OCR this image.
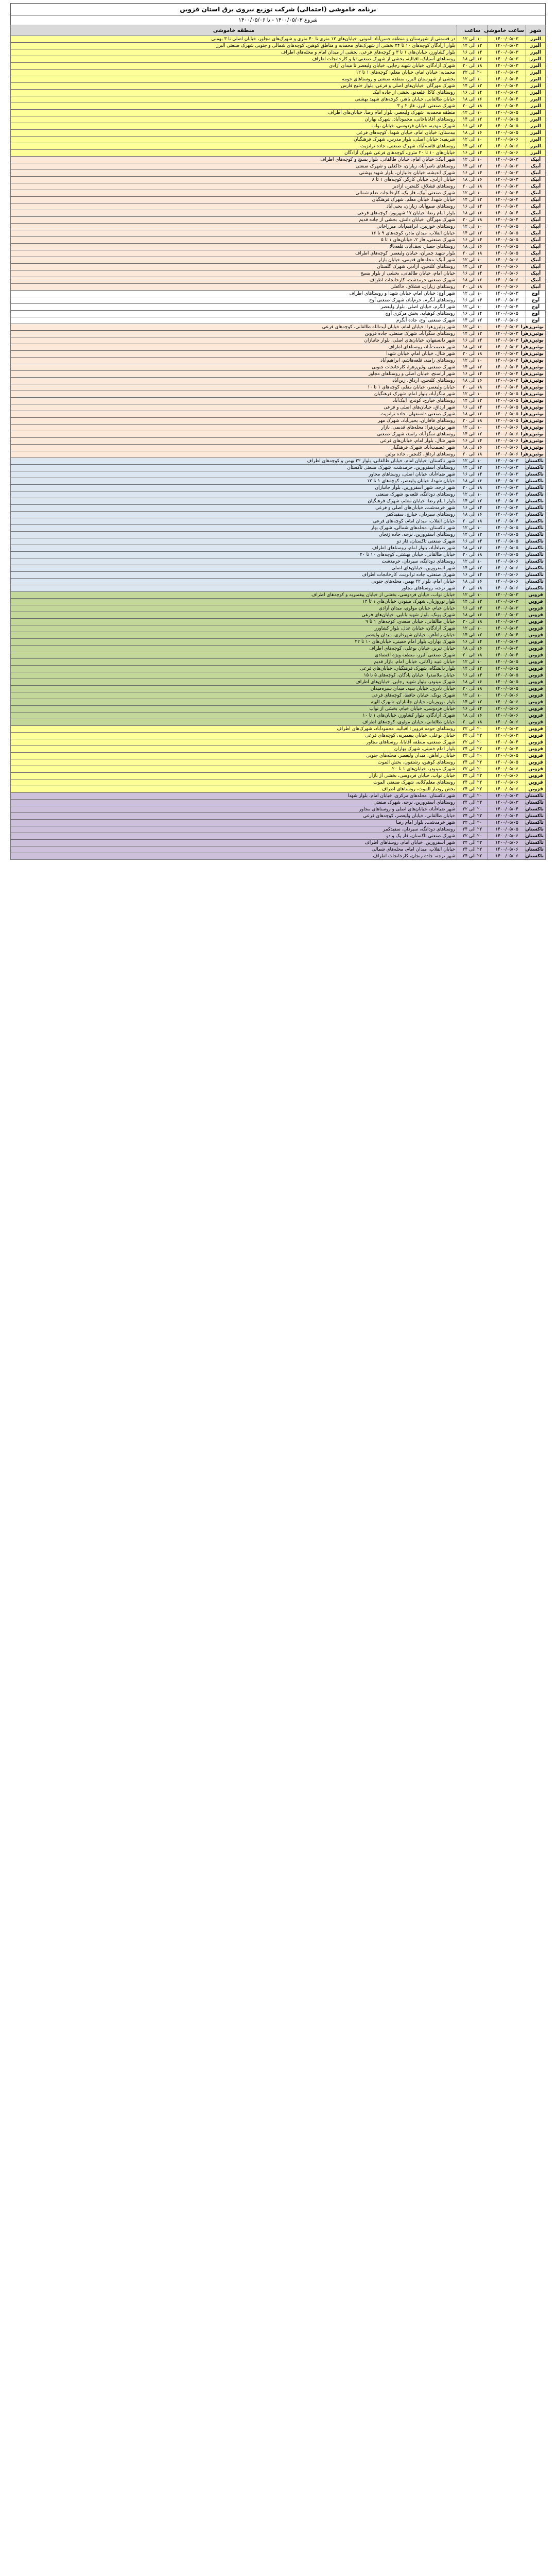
برنامه خاموشی (احتمالی) شرکت توزیع نیروی برق استان قزوین
شروع ۱۴۰۰/۰۵/۰۳ - تا ۱۴۰۰/۰۵/۰۶
شهر	ساعت خاموشی	ساعت	منطقه خاموشی
البرز	۱۴۰۰/۰۵/۰۳	۱۰ الی ۱۲	در قسمتی از شهرستان و منطقه حسن‌آباد الموتی، خیابان‌های ۱۲ متری تا ۴۰ متری و شهرک‌های مجاور، خیابان اصلی تا ۳ بهمنی
البرز	۱۴۰۰/۰۵/۰۳	۱۲ الی ۱۴	بلوار آزادگان کوچه‌های ۱۰ تا ۳۴ بخشی از شهرک‌های محمدیه و مناطق کوهین، کوچه‌های شمالی و جنوبی شهرک صنعتی البرز
البرز	۱۴۰۰/۰۵/۰۳	۱۴ الی ۱۶	بلوار کشاورز، خیابان‌های ۱ تا ۳ و کوچه‌های فرعی، بخشی از میدان امام و محله‌های اطراف
البرز	۱۴۰۰/۰۵/۰۳	۱۶ الی ۱۸	روستاهای آسیابک، اقبالیه، بخشی از شهرک صنعتی لیا و کارخانجات اطراف
البرز	۱۴۰۰/۰۵/۰۳	۱۸ الی ۲۰	شهرک آزادگان، خیابان شهید رجایی، خیابان ولیعصر تا میدان آزادی
البرز	۱۴۰۰/۰۵/۰۳	۲۰ الی ۲۲	محمدیه: خیابان امام، خیابان معلم، کوچه‌های ۱ تا ۱۲
البرز	۱۴۰۰/۰۵/۰۴	۱۰ الی ۱۲	بخشی از شهرستان البرز، منطقه صنعتی و روستاهای حومه
البرز	۱۴۰۰/۰۵/۰۴	۱۲ الی ۱۴	شهرک مهرگان، خیابان‌های اصلی و فرعی، بلوار خلیج فارس
البرز	۱۴۰۰/۰۵/۰۴	۱۴ الی ۱۶	روستاهای کاکا، قلعه‌نو، بخشی از جاده آبیک
البرز	۱۴۰۰/۰۵/۰۴	۱۶ الی ۱۸	خیابان طالقانی، خیابان باهنر، کوچه‌های شهید بهشتی
البرز	۱۴۰۰/۰۵/۰۴	۱۸ الی ۲۰	شهرک صنعتی البرز، فاز ۲ و ۳
البرز	۱۴۰۰/۰۵/۰۵	۱۰ الی ۱۲	منطقه محمدیه: شهرک ولیعصر، بلوار امام رضا، خیابان‌های اطراف
البرز	۱۴۰۰/۰۵/۰۵	۱۲ الی ۱۴	روستاهای آقاباباخانی، محمودآباد، شهرک بهاران
البرز	۱۴۰۰/۰۵/۰۵	۱۴ الی ۱۶	شهرک مهدیه، خیابان فردوسی، خیابان نواب
البرز	۱۴۰۰/۰۵/۰۵	۱۶ الی ۱۸	بیدستان: خیابان امام، خیابان شهدا، کوچه‌های فرعی
البرز	۱۴۰۰/۰۵/۰۶	۱۰ الی ۱۲	شریفیه: خیابان اصلی، بلوار مدرس، شهرک فرهنگیان
البرز	۱۴۰۰/۰۵/۰۶	۱۲ الی ۱۴	روستاهای قاسم‌آباد، شهرک صنعتی، جاده ترانزیت
البرز	۱۴۰۰/۰۵/۰۶	۱۴ الی ۱۶	خیابان‌های ۱۰ تا ۲۰ متری، کوچه‌های فرعی شهرک آزادگان
آبیک	۱۴۰۰/۰۵/۰۳	۱۰ الی ۱۲	شهر آبیک: خیابان امام، خیابان طالقانی، بلوار بسیج و کوچه‌های اطراف
آبیک	۱۴۰۰/۰۵/۰۳	۱۲ الی ۱۴	روستاهای ناصرآباد، زیاران، خاکعلی و شهرک صنعتی
آبیک	۱۴۰۰/۰۵/۰۳	۱۴ الی ۱۶	شهرک اندیشه، خیابان جانبازان، بلوار شهید بهشتی
آبیک	۱۴۰۰/۰۵/۰۳	۱۶ الی ۱۸	خیابان آزادی، خیابان کارگر، کوچه‌های ۱ تا ۸
آبیک	۱۴۰۰/۰۵/۰۳	۱۸ الی ۲۰	روستاهای قشلاق، کلنجین، آزادبر
آبیک	۱۴۰۰/۰۵/۰۴	۱۰ الی ۱۲	شهرک صنعتی آبیک، فاز یک، کارخانجات ضلع شمالی
آبیک	۱۴۰۰/۰۵/۰۴	۱۲ الی ۱۴	خیابان شهدا، خیابان معلم، شهرک فرهنگیان
آبیک	۱۴۰۰/۰۵/۰۴	۱۴ الی ۱۶	روستاهای صمغ‌آباد، زیاران، یحیی‌آباد
آبیک	۱۴۰۰/۰۵/۰۴	۱۶ الی ۱۸	بلوار امام رضا، خیابان ۱۷ شهریور، کوچه‌های فرعی
آبیک	۱۴۰۰/۰۵/۰۴	۱۸ الی ۲۰	شهرک مهرگان، خیابان دانش، بخشی از جاده قدیم
آبیک	۱۴۰۰/۰۵/۰۵	۱۰ الی ۱۲	روستاهای خوزنین، ابراهیم‌آباد، میرزاخانی
آبیک	۱۴۰۰/۰۵/۰۵	۱۲ الی ۱۴	خیابان انقلاب، میدان مادر، کوچه‌های ۹ تا ۱۶
آبیک	۱۴۰۰/۰۵/۰۵	۱۴ الی ۱۶	شهرک صنعتی، فاز ۲، خیابان‌های ۱ تا ۵
آبیک	۱۴۰۰/۰۵/۰۵	۱۶ الی ۱۸	روستاهای حصار، نجف‌آباد، قلعه‌بالا
آبیک	۱۴۰۰/۰۵/۰۵	۱۸ الی ۲۰	بلوار شهید چمران، خیابان ولیعصر، کوچه‌های اطراف
آبیک	۱۴۰۰/۰۵/۰۶	۱۰ الی ۱۲	شهر آبیک: محله‌های قدیمی، خیابان بازار
آبیک	۱۴۰۰/۰۵/۰۶	۱۲ الی ۱۴	روستاهای کلنجین، آزادبر، شهرک گلستان
آبیک	۱۴۰۰/۰۵/۰۶	۱۴ الی ۱۶	خیابان امام، خیابان طالقانی، بخشی از بلوار بسیج
آبیک	۱۴۰۰/۰۵/۰۶	۱۶ الی ۱۸	شهرک صنعتی خرمدشت، کارخانجات اطراف
آبیک	۱۴۰۰/۰۵/۰۶	۱۸ الی ۲۰	روستاهای زیاران، قشلاق، خاکعلی
آوج	۱۴۰۰/۰۵/۰۳	۱۰ الی ۱۲	شهر آوج: خیابان امام، خیابان شهدا و روستاهای اطراف
آوج	۱۴۰۰/۰۵/۰۳	۱۴ الی ۱۶	روستاهای آبگرم، خرم‌آباد، شهرک صنعتی آوج
آوج	۱۴۰۰/۰۵/۰۴	۱۰ الی ۱۲	شهر آبگرم، خیابان اصلی، بلوار ولیعصر
آوج	۱۴۰۰/۰۵/۰۵	۱۴ الی ۱۶	روستاهای کوهپایه، بخش مرکزی آوج
آوج	۱۴۰۰/۰۵/۰۶	۱۲ الی ۱۴	شهرک صنعتی آوج، جاده آبگرم
بوئین‌زهرا	۱۴۰۰/۰۵/۰۳	۱۰ الی ۱۲	شهر بوئین‌زهرا: خیابان امام، خیابان آیت‌الله طالقانی، کوچه‌های فرعی
بوئین‌زهرا	۱۴۰۰/۰۵/۰۳	۱۲ الی ۱۴	روستاهای سگزآباد، شهرک صنعتی، جاده قزوین
بوئین‌زهرا	۱۴۰۰/۰۵/۰۳	۱۴ الی ۱۶	شهر دانسفهان، خیابان‌های اصلی، بلوار جانبازان
بوئین‌زهرا	۱۴۰۰/۰۵/۰۳	۱۶ الی ۱۸	شهر عصمت‌آباد، روستاهای اطراف
بوئین‌زهرا	۱۴۰۰/۰۵/۰۳	۱۸ الی ۲۰	شهر شال، خیابان امام، خیابان شهدا
بوئین‌زهرا	۱۴۰۰/۰۵/۰۴	۱۰ الی ۱۲	روستاهای رامند، قلعه‌هاشم، ابراهیم‌آباد
بوئین‌زهرا	۱۴۰۰/۰۵/۰۴	۱۲ الی ۱۴	شهرک صنعتی بوئین‌زهرا، کارخانجات جنوبی
بوئین‌زهرا	۱۴۰۰/۰۵/۰۴	۱۴ الی ۱۶	شهر آراسنج، خیابان اصلی و روستاهای مجاور
بوئین‌زهرا	۱۴۰۰/۰۵/۰۴	۱۶ الی ۱۸	روستاهای کلنجین، ارداق، زین‌آباد
بوئین‌زهرا	۱۴۰۰/۰۵/۰۴	۱۸ الی ۲۰	خیابان ولیعصر، خیابان معلم، کوچه‌های ۱ تا ۱۰
بوئین‌زهرا	۱۴۰۰/۰۵/۰۵	۱۰ الی ۱۲	شهر سگزآباد، بلوار امام، شهرک فرهنگیان
بوئین‌زهرا	۱۴۰۰/۰۵/۰۵	۱۲ الی ۱۴	روستاهای خیارج، کوندج، ایبک‌آباد
بوئین‌زهرا	۱۴۰۰/۰۵/۰۵	۱۴ الی ۱۶	شهر ارداق، خیابان‌های اصلی و فرعی
بوئین‌زهرا	۱۴۰۰/۰۵/۰۵	۱۶ الی ۱۸	شهرک صنعتی دانسفهان، جاده ترانزیت
بوئین‌زهرا	۱۴۰۰/۰۵/۰۵	۱۸ الی ۲۰	روستاهای قاقازان، یحیی‌آباد، شهرک مهر
بوئین‌زهرا	۱۴۰۰/۰۵/۰۶	۱۰ الی ۱۲	شهر بوئین‌زهرا: محله‌های قدیمی، بازار
بوئین‌زهرا	۱۴۰۰/۰۵/۰۶	۱۲ الی ۱۴	روستاهای سگزآباد، رامند، شهرک صنعتی
بوئین‌زهرا	۱۴۰۰/۰۵/۰۶	۱۴ الی ۱۶	شهر شال، بلوار امام، خیابان‌های فرعی
بوئین‌زهرا	۱۴۰۰/۰۵/۰۶	۱۶ الی ۱۸	شهر عصمت‌آباد، شهرک فرهنگیان
بوئین‌زهرا	۱۴۰۰/۰۵/۰۶	۱۸ الی ۲۰	روستاهای ارداق، کلنجین، جاده بوئین
تاکستان	۱۴۰۰/۰۵/۰۳	۱۰ الی ۱۲	شهر تاکستان: خیابان امام، خیابان طالقانی، بلوار ۲۲ بهمن و کوچه‌های اطراف
تاکستان	۱۴۰۰/۰۵/۰۳	۱۲ الی ۱۴	روستاهای اسفرورین، خرمدشت، شهرک صنعتی تاکستان
تاکستان	۱۴۰۰/۰۵/۰۳	۱۴ الی ۱۶	شهر ضیاءآباد، خیابان اصلی، روستاهای مجاور
تاکستان	۱۴۰۰/۰۵/۰۳	۱۶ الی ۱۸	خیابان شهدا، خیابان ولیعصر، کوچه‌های ۱ تا ۱۲
تاکستان	۱۴۰۰/۰۵/۰۳	۱۸ الی ۲۰	شهر نرجه، شهر اسفرورین، بلوار جانبازان
تاکستان	۱۴۰۰/۰۵/۰۴	۱۰ الی ۱۲	روستاهای دودانگه، قلعه‌نو، شهرک صنعتی
تاکستان	۱۴۰۰/۰۵/۰۴	۱۲ الی ۱۴	بلوار امام رضا، خیابان معلم، شهرک فرهنگیان
تاکستان	۱۴۰۰/۰۵/۰۴	۱۴ الی ۱۶	شهر خرمدشت، خیابان‌های اصلی و فرعی
تاکستان	۱۴۰۰/۰۵/۰۴	۱۶ الی ۱۸	روستاهای سیردان، خیارج، سفیدکمر
تاکستان	۱۴۰۰/۰۵/۰۴	۱۸ الی ۲۰	خیابان انقلاب، میدان امام، کوچه‌های فرعی
تاکستان	۱۴۰۰/۰۵/۰۵	۱۰ الی ۱۲	شهر تاکستان: محله‌های شمالی، شهرک بهار
تاکستان	۱۴۰۰/۰۵/۰۵	۱۲ الی ۱۴	روستاهای اسفرورین، نرجه، جاده زنجان
تاکستان	۱۴۰۰/۰۵/۰۵	۱۴ الی ۱۶	شهرک صنعتی تاکستان، فاز دو
تاکستان	۱۴۰۰/۰۵/۰۵	۱۶ الی ۱۸	شهر ضیاءآباد، بلوار امام، روستاهای اطراف
تاکستان	۱۴۰۰/۰۵/۰۵	۱۸ الی ۲۰	خیابان طالقانی، خیابان بهشتی، کوچه‌های ۱۰ تا ۲۰
تاکستان	۱۴۰۰/۰۵/۰۶	۱۰ الی ۱۲	روستاهای دودانگه، سیردان، خرمدشت
تاکستان	۱۴۰۰/۰۵/۰۶	۱۲ الی ۱۴	شهر اسفرورین، خیابان‌های اصلی
تاکستان	۱۴۰۰/۰۵/۰۶	۱۴ الی ۱۶	شهرک صنعتی، جاده ترانزیت، کارخانجات اطراف
تاکستان	۱۴۰۰/۰۵/۰۶	۱۶ الی ۱۸	خیابان امام، بلوار ۲۲ بهمن، محله‌های جنوبی
تاکستان	۱۴۰۰/۰۵/۰۶	۱۸ الی ۲۰	شهر نرجه، روستاهای مجاور
قزوین	۱۴۰۰/۰۵/۰۳	۱۰ الی ۱۲	خیابان نواب، خیابان فردوسی، بخشی از خیابان پیغمبریه و کوچه‌های اطراف
قزوین	۱۴۰۰/۰۵/۰۳	۱۲ الی ۱۴	بلوار نوروزیان، شهرک مینودر، خیابان‌های ۱ تا ۱۴
قزوین	۱۴۰۰/۰۵/۰۳	۱۴ الی ۱۶	خیابان خیام، خیابان مولوی، میدان آزادی
قزوین	۱۴۰۰/۰۵/۰۳	۱۶ الی ۱۸	شهرک پونک، بلوار شهید بابایی، خیابان‌های فرعی
قزوین	۱۴۰۰/۰۵/۰۳	۱۸ الی ۲۰	خیابان طالقانی، خیابان سعدی، کوچه‌های ۱ تا ۹
قزوین	۱۴۰۰/۰۵/۰۴	۱۰ الی ۱۲	شهرک آزادگان، خیابان عدل، بلوار کشاورز
قزوین	۱۴۰۰/۰۵/۰۴	۱۲ الی ۱۴	خیابان راه‌آهن، خیابان شهرداری، میدان ولیعصر
قزوین	۱۴۰۰/۰۵/۰۴	۱۴ الی ۱۶	شهرک بهاران، بلوار امام خمینی، خیابان‌های ۱۰ تا ۲۲
قزوین	۱۴۰۰/۰۵/۰۴	۱۶ الی ۱۸	خیابان تبریز، خیابان بوعلی، کوچه‌های اطراف
قزوین	۱۴۰۰/۰۵/۰۴	۱۸ الی ۲۰	شهرک صنعتی البرز، منطقه ویژه اقتصادی
قزوین	۱۴۰۰/۰۵/۰۵	۱۰ الی ۱۲	خیابان عبید زاکانی، خیابان امام، بازار قدیم
قزوین	۱۴۰۰/۰۵/۰۵	۱۲ الی ۱۴	بلوار دانشگاه، شهرک فرهنگیان، خیابان‌های فرعی
قزوین	۱۴۰۰/۰۵/۰۵	۱۴ الی ۱۶	خیابان ملاصدرا، خیابان پادگان، کوچه‌های ۵ تا ۱۵
قزوین	۱۴۰۰/۰۵/۰۵	۱۶ الی ۱۸	شهرک مینودر، بلوار شهید رجایی، خیابان‌های اطراف
قزوین	۱۴۰۰/۰۵/۰۵	۱۸ الی ۲۰	خیابان نادری، خیابان سپه، میدان سبزه‌میدان
قزوین	۱۴۰۰/۰۵/۰۶	۱۰ الی ۱۲	شهرک پونک، خیابان حافظ، کوچه‌های فرعی
قزوین	۱۴۰۰/۰۵/۰۶	۱۲ الی ۱۴	بلوار نوروزیان، خیابان جانبازان، شهرک الهیه
قزوین	۱۴۰۰/۰۵/۰۶	۱۴ الی ۱۶	خیابان فردوسی، خیابان خیام، بخشی از نواب
قزوین	۱۴۰۰/۰۵/۰۶	۱۶ الی ۱۸	شهرک آزادگان، بلوار کشاورز، خیابان‌های ۱ تا ۱۰
قزوین	۱۴۰۰/۰۵/۰۶	۱۸ الی ۲۰	خیابان طالقانی، خیابان مولوی، کوچه‌های اطراف
قزوین	۱۴۰۰/۰۵/۰۳	۲۰ الی ۲۲	روستاهای حومه قزوین: اقبالیه، محمودآباد، شهرک‌های اطراف
قزوین	۱۴۰۰/۰۵/۰۳	۲۲ الی ۲۴	خیابان بوعلی، خیابان پیغمبریه، کوچه‌های فرعی
قزوین	۱۴۰۰/۰۵/۰۴	۲۰ الی ۲۲	شهرک صنعتی، منطقه آقابابا، روستاهای مجاور
قزوین	۱۴۰۰/۰۵/۰۴	۲۲ الی ۲۴	بلوار امام خمینی، شهرک بهاران
قزوین	۱۴۰۰/۰۵/۰۵	۲۰ الی ۲۲	خیابان راه‌آهن، میدان ولیعصر، محله‌های جنوبی
قزوین	۱۴۰۰/۰۵/۰۵	۲۲ الی ۲۴	روستاهای کوهین، رشتقون، بخش الموت
قزوین	۱۴۰۰/۰۵/۰۶	۲۰ الی ۲۲	شهرک مینودر، خیابان‌های ۱ تا ۲۰
قزوین	۱۴۰۰/۰۵/۰۶	۲۲ الی ۲۴	خیابان نواب، خیابان فردوسی، بخشی از بازار
قزوین	۱۴۰۰/۰۵/۰۶	۲۲ الی ۲۴	روستاهای معلم‌کلایه، شهرک صنعتی الموت
قزوین	۱۴۰۰/۰۵/۰۶	۲۲ الی ۲۴	بخش رودبار الموت، روستاهای اطراف
تاکستان	۱۴۰۰/۰۵/۰۳	۲۰ الی ۲۲	شهر تاکستان: محله‌های مرکزی، خیابان امام، بلوار شهدا
تاکستان	۱۴۰۰/۰۵/۰۳	۲۲ الی ۲۴	روستاهای اسفرورین، نرجه، شهرک صنعتی
تاکستان	۱۴۰۰/۰۵/۰۴	۲۰ الی ۲۲	شهر ضیاءآباد، خیابان‌های اصلی و روستاهای مجاور
تاکستان	۱۴۰۰/۰۵/۰۴	۲۲ الی ۲۴	خیابان طالقانی، خیابان ولیعصر، کوچه‌های فرعی
تاکستان	۱۴۰۰/۰۵/۰۵	۲۰ الی ۲۲	شهر خرمدشت، بلوار امام رضا
تاکستان	۱۴۰۰/۰۵/۰۵	۲۲ الی ۲۴	روستاهای دودانگه، سیردان، سفیدکمر
تاکستان	۱۴۰۰/۰۵/۰۶	۲۰ الی ۲۲	شهرک صنعتی تاکستان، فاز یک و دو
تاکستان	۱۴۰۰/۰۵/۰۶	۲۲ الی ۲۴	شهر اسفرورین، خیابان امام، روستاهای اطراف
تاکستان	۱۴۰۰/۰۵/۰۶	۲۲ الی ۲۴	خیابان انقلاب، میدان امام، محله‌های شمالی
تاکستان	۱۴۰۰/۰۵/۰۶	۲۲ الی ۲۴	شهر نرجه، جاده زنجان، کارخانجات اطراف
